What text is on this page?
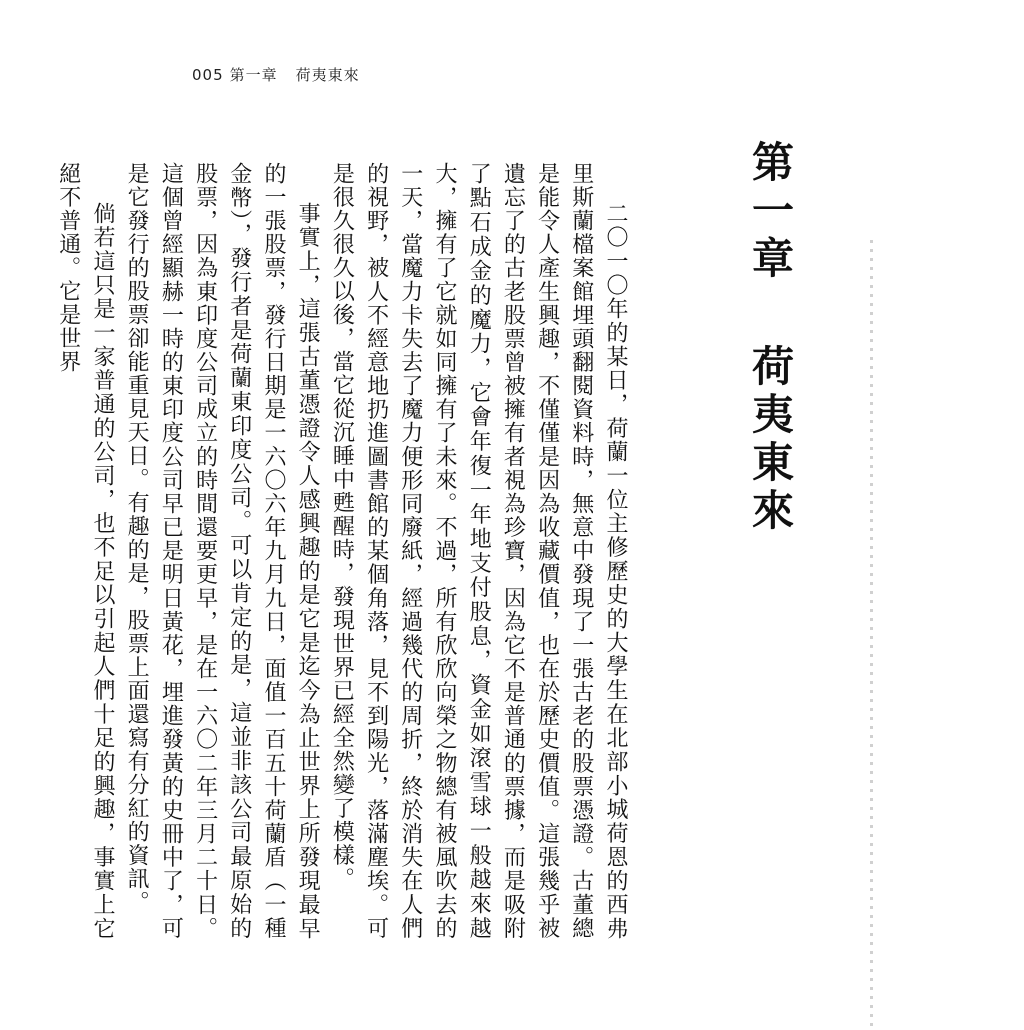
005 第一章 荷夷東來
第一章荷夷東來

二〇一〇年的某日，荷蘭一位主修歷史的大學生在北部小城荷恩的西弗里斯蘭檔案館埋頭翻閱資料時，無意中發現了一張古老的股票憑證。古董總是能令人產生興趣，不僅僅是因為收藏價值，也在於歷史價值。這張幾乎被遺忘了的古老股票曾被擁有者視為珍寶，因為它不是普通的票據，而是吸附了點石成金的魔力，它會年復一年地支付股息，資金如滾雪球一般越來越大，擁有了它就如同擁有了未來。不過，所有欣欣向榮之物總有被風吹去的一天，當魔力卡失去了魔力便形同廢紙，經過幾代的周折，終於消失在人們的視野，被人不經意地扔進圖書館的某個角落，見不到陽光，落滿塵埃。可是很久很久以後，當它從沉睡中甦醒時，發現世界已經全然變了模樣。

事實上，這張古董憑證令人感興趣的是它是迄今為止世界上所發現最早的一張股票，發行日期是一六〇六年九月九日，面值一百五十荷蘭盾（一種金幣），發行者是荷蘭東印度公司。可以肯定的是，這並非該公司最原始的股票，因為東印度公司成立的時間還要更早，是在一六〇二年三月二十日。這個曾經顯赫一時的東印度公司早已是明日黃花，埋進發黃的史冊中了，可是它發行的股票卻能重見天日。有趣的是，股票上面還寫有分紅的資訊。

倘若這只是一家普通的公司，也不足以引起人們十足的興趣，事實上它絕不普通。它是世界
